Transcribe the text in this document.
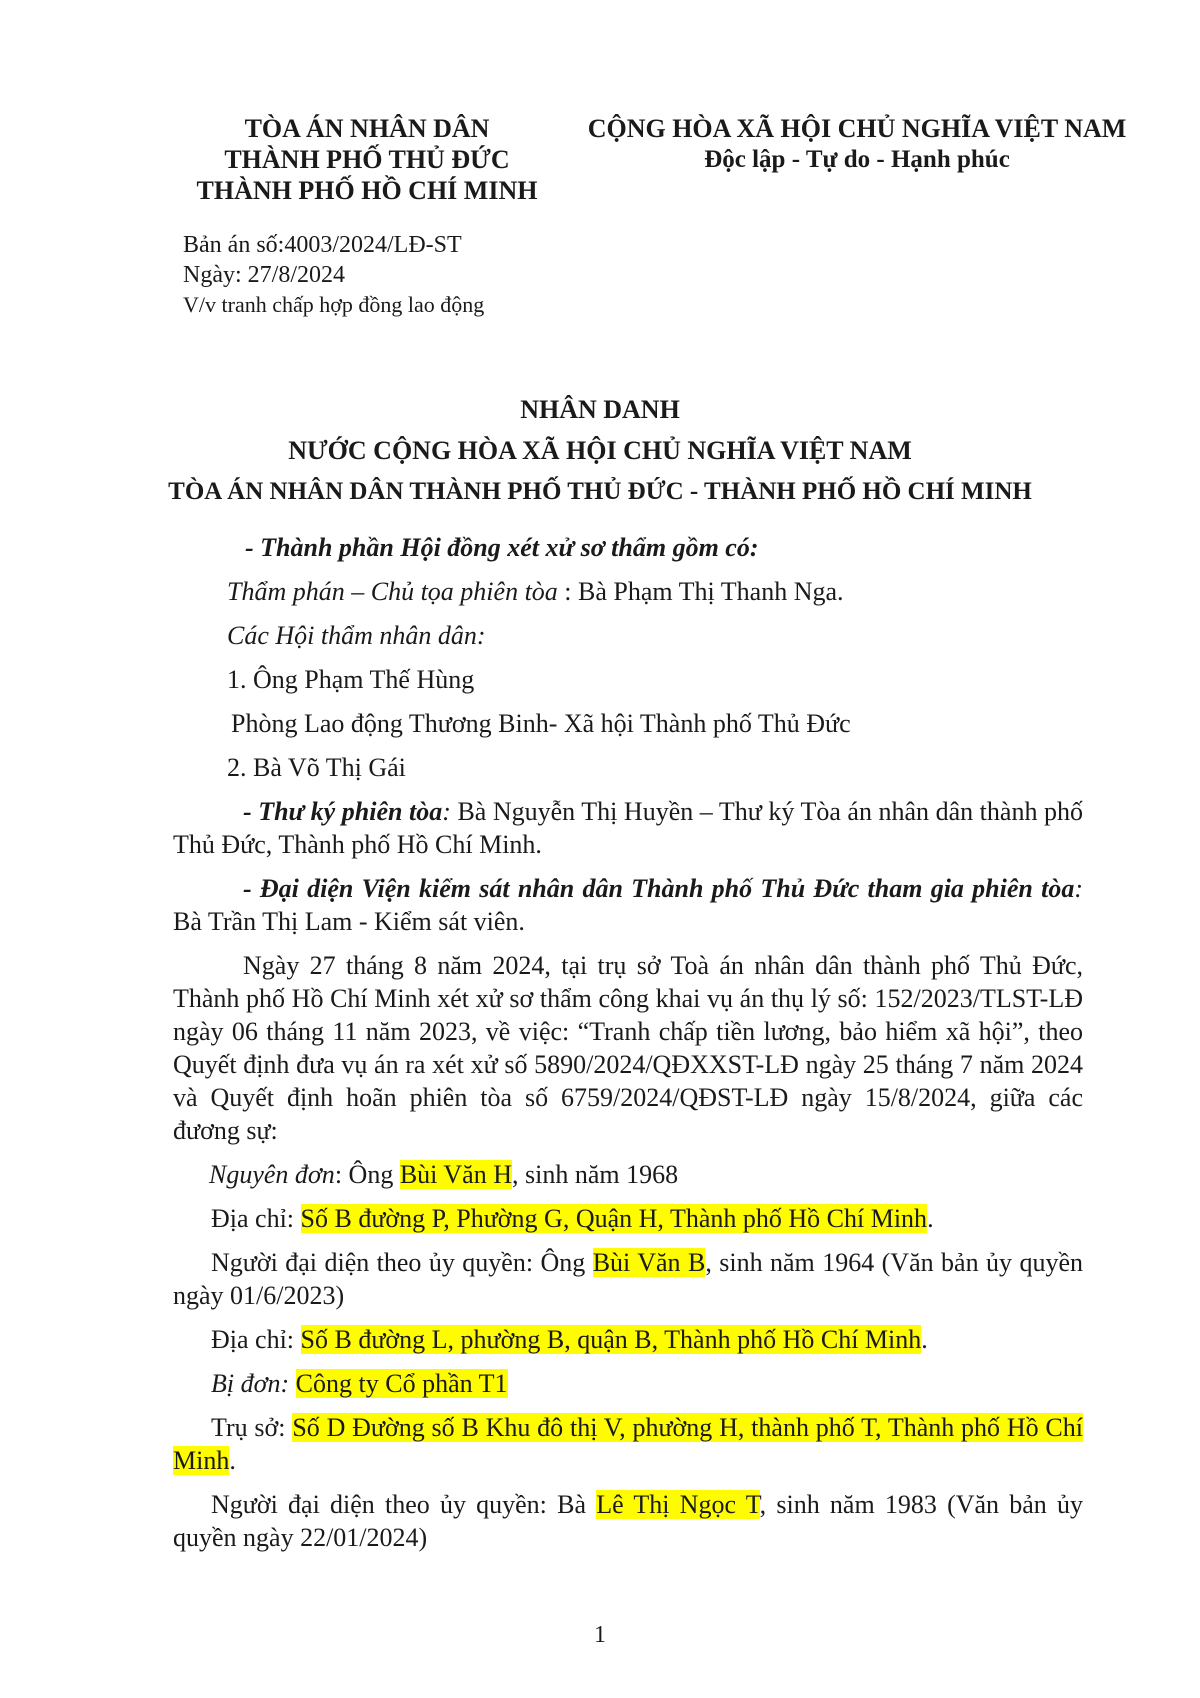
TÒA ÁN NHÂN DÂN
THÀNH PHỐ THỦ ĐỨC
THÀNH PHỐ HỒ CHÍ MINH
CỘNG HÒA XÃ HỘI CHỦ NGHĨA VIỆT NAM
Độc lập - Tự do - Hạnh phúc
Bản án số:4003/2024/LĐ-ST
Ngày: 27/8/2024
V/v tranh chấp hợp đồng lao động
NHÂN DANH
NƯỚC CỘNG HÒA XÃ HỘI CHỦ NGHĨA VIỆT NAM
TÒA ÁN NHÂN DÂN THÀNH PHỐ THỦ ĐỨC - THÀNH PHỐ HỒ CHÍ MINH

- Thành phần Hội đồng xét xử sơ thẩm gồm có:

Thẩm phán – Chủ tọa phiên tòa : Bà Phạm Thị Thanh Nga.

Các Hội thẩm nhân dân:

1. Ông Phạm Thế Hùng

Phòng Lao động Thương Binh- Xã hội Thành phố Thủ Đức

2. Bà Võ Thị Gái

- Thư ký phiên tòa: Bà Nguyễn Thị Huyền – Thư ký Tòa án nhân dân thành phố Thủ Đức, Thành phố Hồ Chí Minh.

- Đại diện Viện kiểm sát nhân dân Thành phố Thủ Đức tham gia phiên tòa: Bà Trần Thị Lam - Kiểm sát viên.

Ngày 27 tháng 8 năm 2024, tại trụ sở Toà án nhân dân thành phố Thủ Đức, Thành phố Hồ Chí Minh xét xử sơ thẩm công khai vụ án thụ lý số: 152/2023/TLST-LĐ ngày 06 tháng 11 năm 2023, về việc: “Tranh chấp tiền lương, bảo hiểm xã hội”, theo Quyết định đưa vụ án ra xét xử số 5890/2024/QĐXXST-LĐ ngày 25 tháng 7 năm 2024 và Quyết định hoãn phiên tòa số 6759/2024/QĐST-LĐ ngày 15/8/2024, giữa các đương sự:

Nguyên đơn: Ông Bùi Văn H, sinh năm 1968

Địa chỉ: Số B đường P, Phường G, Quận H, Thành phố Hồ Chí Minh.

Người đại diện theo ủy quyền: Ông Bùi Văn B, sinh năm 1964 (Văn bản ủy quyền ngày 01/6/2023)

Địa chỉ: Số B đường L, phường B, quận B, Thành phố Hồ Chí Minh.

Bị đơn: Công ty Cổ phần T1

Trụ sở: Số D Đường số B Khu đô thị V, phường H, thành phố T, Thành phố Hồ Chí Minh.

Người đại diện theo ủy quyền: Bà Lê Thị Ngọc T, sinh năm 1983 (Văn bản ủy quyền ngày 22/01/2024)

1
